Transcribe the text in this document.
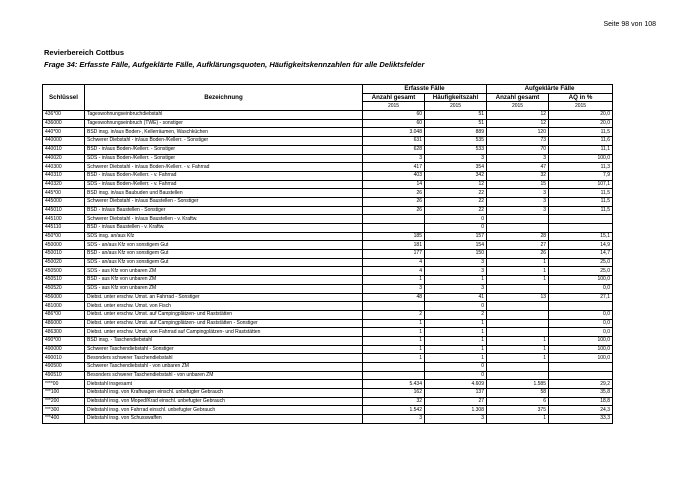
Seite 98 von 108
Revierbereich Cottbus
Frage 34: Erfasste Fälle, Aufgeklärte Fälle, Aufklärungsquoten, Häufigkeitskennzahlen für alle Deliktsfelder
Schlüssel	Bezeichnung	Erfasste Fälle		Aufgeklärte Fälle	
		Anzahl gesamt	Häufigkeitszahl	Anzahl gesamt	AQ in %
		2015	2015	2015	2015
436*00	Tageswohnungseinbruchdiebstahl	60	51	12	20,0
436000	Tageswohnungseinbruch (TWE) - sonstiger	60	51	12	20,0
440*00	BSD insg. in/aus Boden-, Kellerräumen, Waschküchen	3.048	889	120	11,5
440000	Schwerer Diebstahl - in/aus Boden-/Kellerr. - Sonstiger	631	535	73	11,6
440010	BSD - in/aus Boden-/Kellerr. - Sonstiger	628	533	70	11,1
440020	SDS - in/aus Boden-/Kellerr. - Sonstiger	3	3	3	100,0
440300	Schwerer Diebstahl - in/aus Boden-/Kellerr. - v. Fahrrad	417	354	47	11,3
440310	BSD - in/aus Boden-/Kellerr. - v. Fahrrad	403	342	32	7,9
440320	SDS - in/aus Boden-/Kellerr. - v. Fahrrad	14	12	15	107,1
445*00	BSD insg. in/aus Baubuden und Baustellen	26	22	3	11,5
445000	Schwerer Diebstahl - in/aus Baustellen - Sonstiger	26	22	3	11,5
445010	BSD - in/aus Baustellen - Sonstiger	26	22	3	11,5
445100	Schwerer Diebstahl - in/aus Baustellen - v. Kraftw.		0		
445110	BSD - in/aus Baustellen - v. Kraftw.		0		
450*00	SDS insg. an/aus Kfz	185	157	28	15,1
450000	SDS - an/aus Kfz von sonstigem Gut	181	154	27	14,9
450010	BSD - an/aus Kfz von sonstigem Gut	177	150	26	14,7
450020	SDS - an/aus Kfz von sonstigem Gut	4	3	1	25,0
450500	SDS - aus Kfz von unbaren ZM	4	3	1	25,0
450510	BSD - aus Kfz von unbaren ZM	1	1	1	100,0
450520	SDS - aus Kfz von unbaren ZM	3	3		0,0
456000	Diebst. unter erschw. Umst. an Fahrrad - Sonstiger	48	41	13	27,1
481000	Diebst. unter erschw. Umst. von Fisch		0		
486*00	Diebst. unter erschw. Umst. auf Campingplätzen- und Raststätten	2	2		0,0
486000	Diebst. unter erschw. Umst. auf Campingplätzen- und Raststätten - Sonstiger	1	1		0,0
486300	Diebst. unter erschw. Umst. von Fahrrad auf Campingplätzen- und Raststätten	1	1		0,0
490*00	BSD insg. - Taschendiebstahl	1	1	1	100,0
490000	Schwerer Taschendiebstahl - Sonstiger	1	1	1	100,0
490010	Besonders schwerer Taschendiebstahl	1	1	1	100,0
490500	Schwerer Taschendiebstahl - von unbaren ZM		0		
490510	Besonders schwerer Taschendiebstahl - von unbaren ZM		0		
****00	Diebstahl insgesamt	5.434	4.609	1.585	29,2
***100	Diebstahl insg. von Kraftwagen einschl. unbefugter Gebrauch	162	137	58	35,8
***200	Diebstahl insg. von Moped/Krad einschl. unbefugter Gebrauch	32	27	6	18,8
***300	Diebstahl insg. von Fahrrad einschl. unbefugter Gebrauch	1.542	1.308	375	24,3
***400	Diebstahl insg. von Schusswaffen	3	3	1	33,3
